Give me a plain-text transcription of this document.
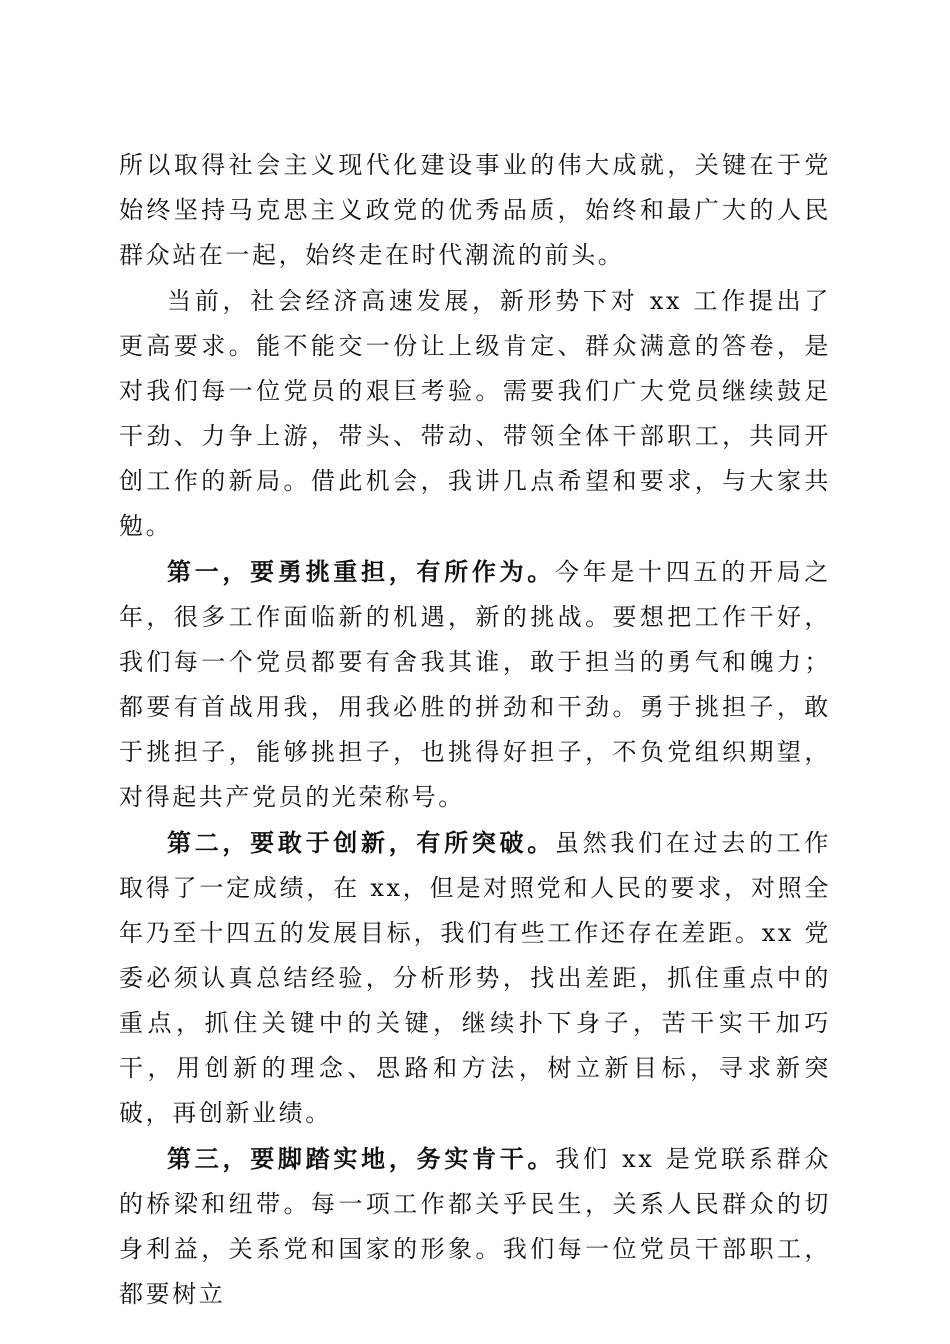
所以取得社会主义现代化建设事业的伟大成就，关键在于党始终坚持马克思主义政党的优秀品质，始终和最广大的人民群众站在一起，始终走在时代潮流的前头。

当前，社会经济高速发展，新形势下对 xx 工作提出了更高要求。能不能交一份让上级肯定、群众满意的答卷，是对我们每一位党员的艰巨考验。需要我们广大党员继续鼓足干劲、力争上游，带头、带动、带领全体干部职工，共同开创工作的新局。借此机会，我讲几点希望和要求，与大家共勉。

第一，要勇挑重担，有所作为。今年是十四五的开局之年，很多工作面临新的机遇，新的挑战。要想把工作干好，我们每一个党员都要有舍我其谁，敢于担当的勇气和魄力；都要有首战用我，用我必胜的拼劲和干劲。勇于挑担子，敢于挑担子，能够挑担子，也挑得好担子，不负党组织期望，对得起共产党员的光荣称号。

第二，要敢于创新，有所突破。虽然我们在过去的工作取得了一定成绩，在 xx，但是对照党和人民的要求，对照全年乃至十四五的发展目标，我们有些工作还存在差距。xx 党委必须认真总结经验，分析形势，找出差距，抓住重点中的重点，抓住关键中的关键，继续扑下身子，苦干实干加巧干，用创新的理念、思路和方法，树立新目标，寻求新突破，再创新业绩。

第三，要脚踏实地，务实肯干。我们 xx 是党联系群众的桥梁和纽带。每一项工作都关乎民生，关系人民群众的切身利益，关系党和国家的形象。我们每一位党员干部职工，都要树立
